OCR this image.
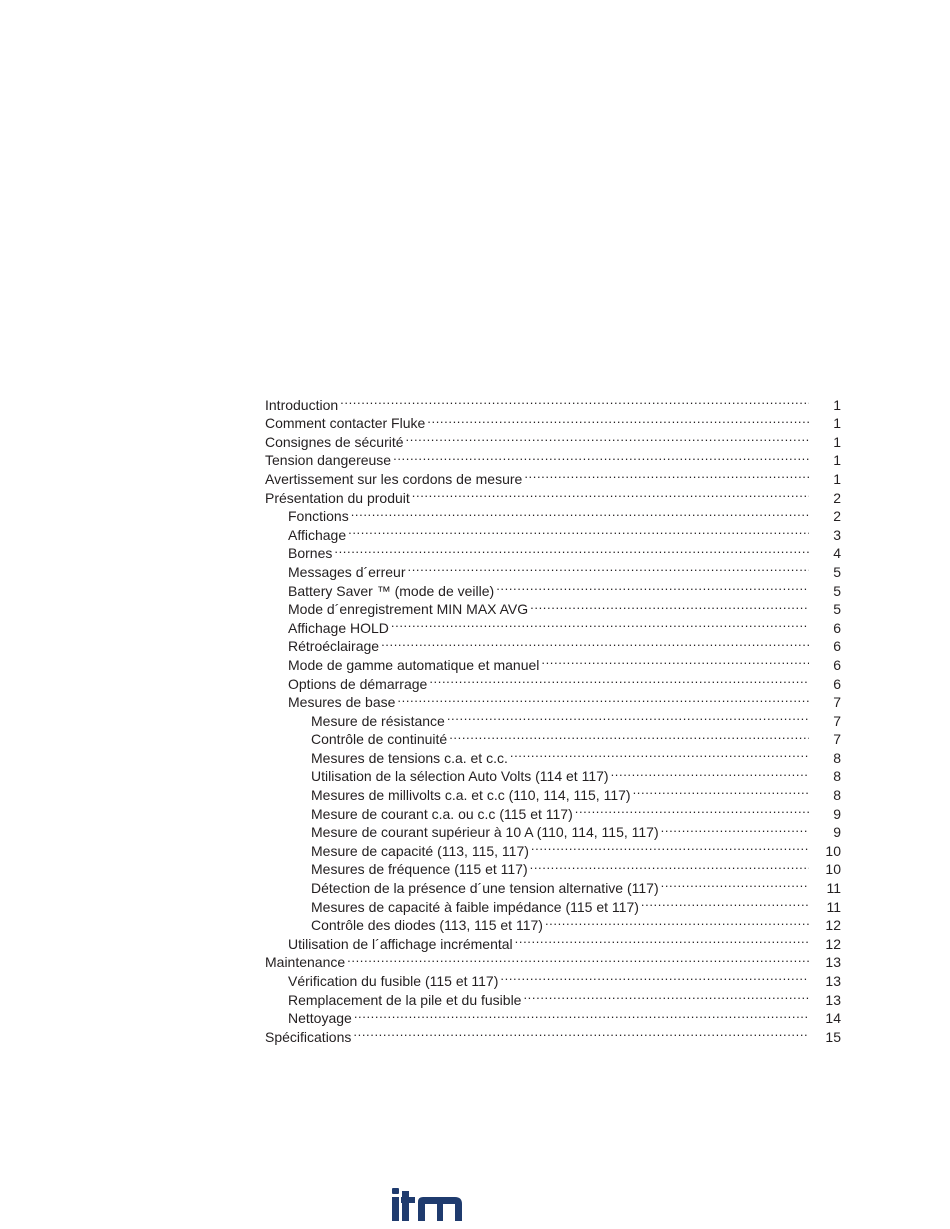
Introduction .....	1
Comment contacter Fluke .....	1
Consignes de sécurité .....	1
Tension dangereuse .....	1
Avertissement sur les cordons de mesure .....	1
Présentation du produit .....	2
Fonctions .....	2
Affichage .....	3
Bornes .....	4
Messages d´erreur .....	5
Battery Saver ™ (mode de veille) .....	5
Mode d´enregistrement MIN MAX AVG .....	5
Affichage HOLD .....	6
Rétroéclairage .....	6
Mode de gamme automatique et manuel .....	6
Options de démarrage .....	6
Mesures de base .....	7
Mesure de résistance .....	7
Contrôle de continuité .....	7
Mesures de tensions c.a. et c.c. .....	8
Utilisation de la sélection Auto Volts (114 et 117) .....	8
Mesures de millivolts c.a. et c.c (110, 114, 115, 117) .....	8
Mesure de courant c.a. ou c.c (115 et 117) .....	9
Mesure de courant supérieur à 10 A (110, 114, 115, 117) .....	9
Mesure de capacité (113, 115, 117) .....	10
Mesures de fréquence (115 et 117) .....	10
Détection de la présence d´une tension alternative (117) .....	11
Mesures de capacité à faible impédance (115 et 117) .....	11
Contrôle des diodes (113, 115 et 117) .....	12
Utilisation de l´affichage incrémental .....	12
Maintenance .....	13
Vérification du fusible (115 et 117) .....	13
Remplacement de la pile et du fusible .....	13
Nettoyage .....	14
Spécifications .....	15
